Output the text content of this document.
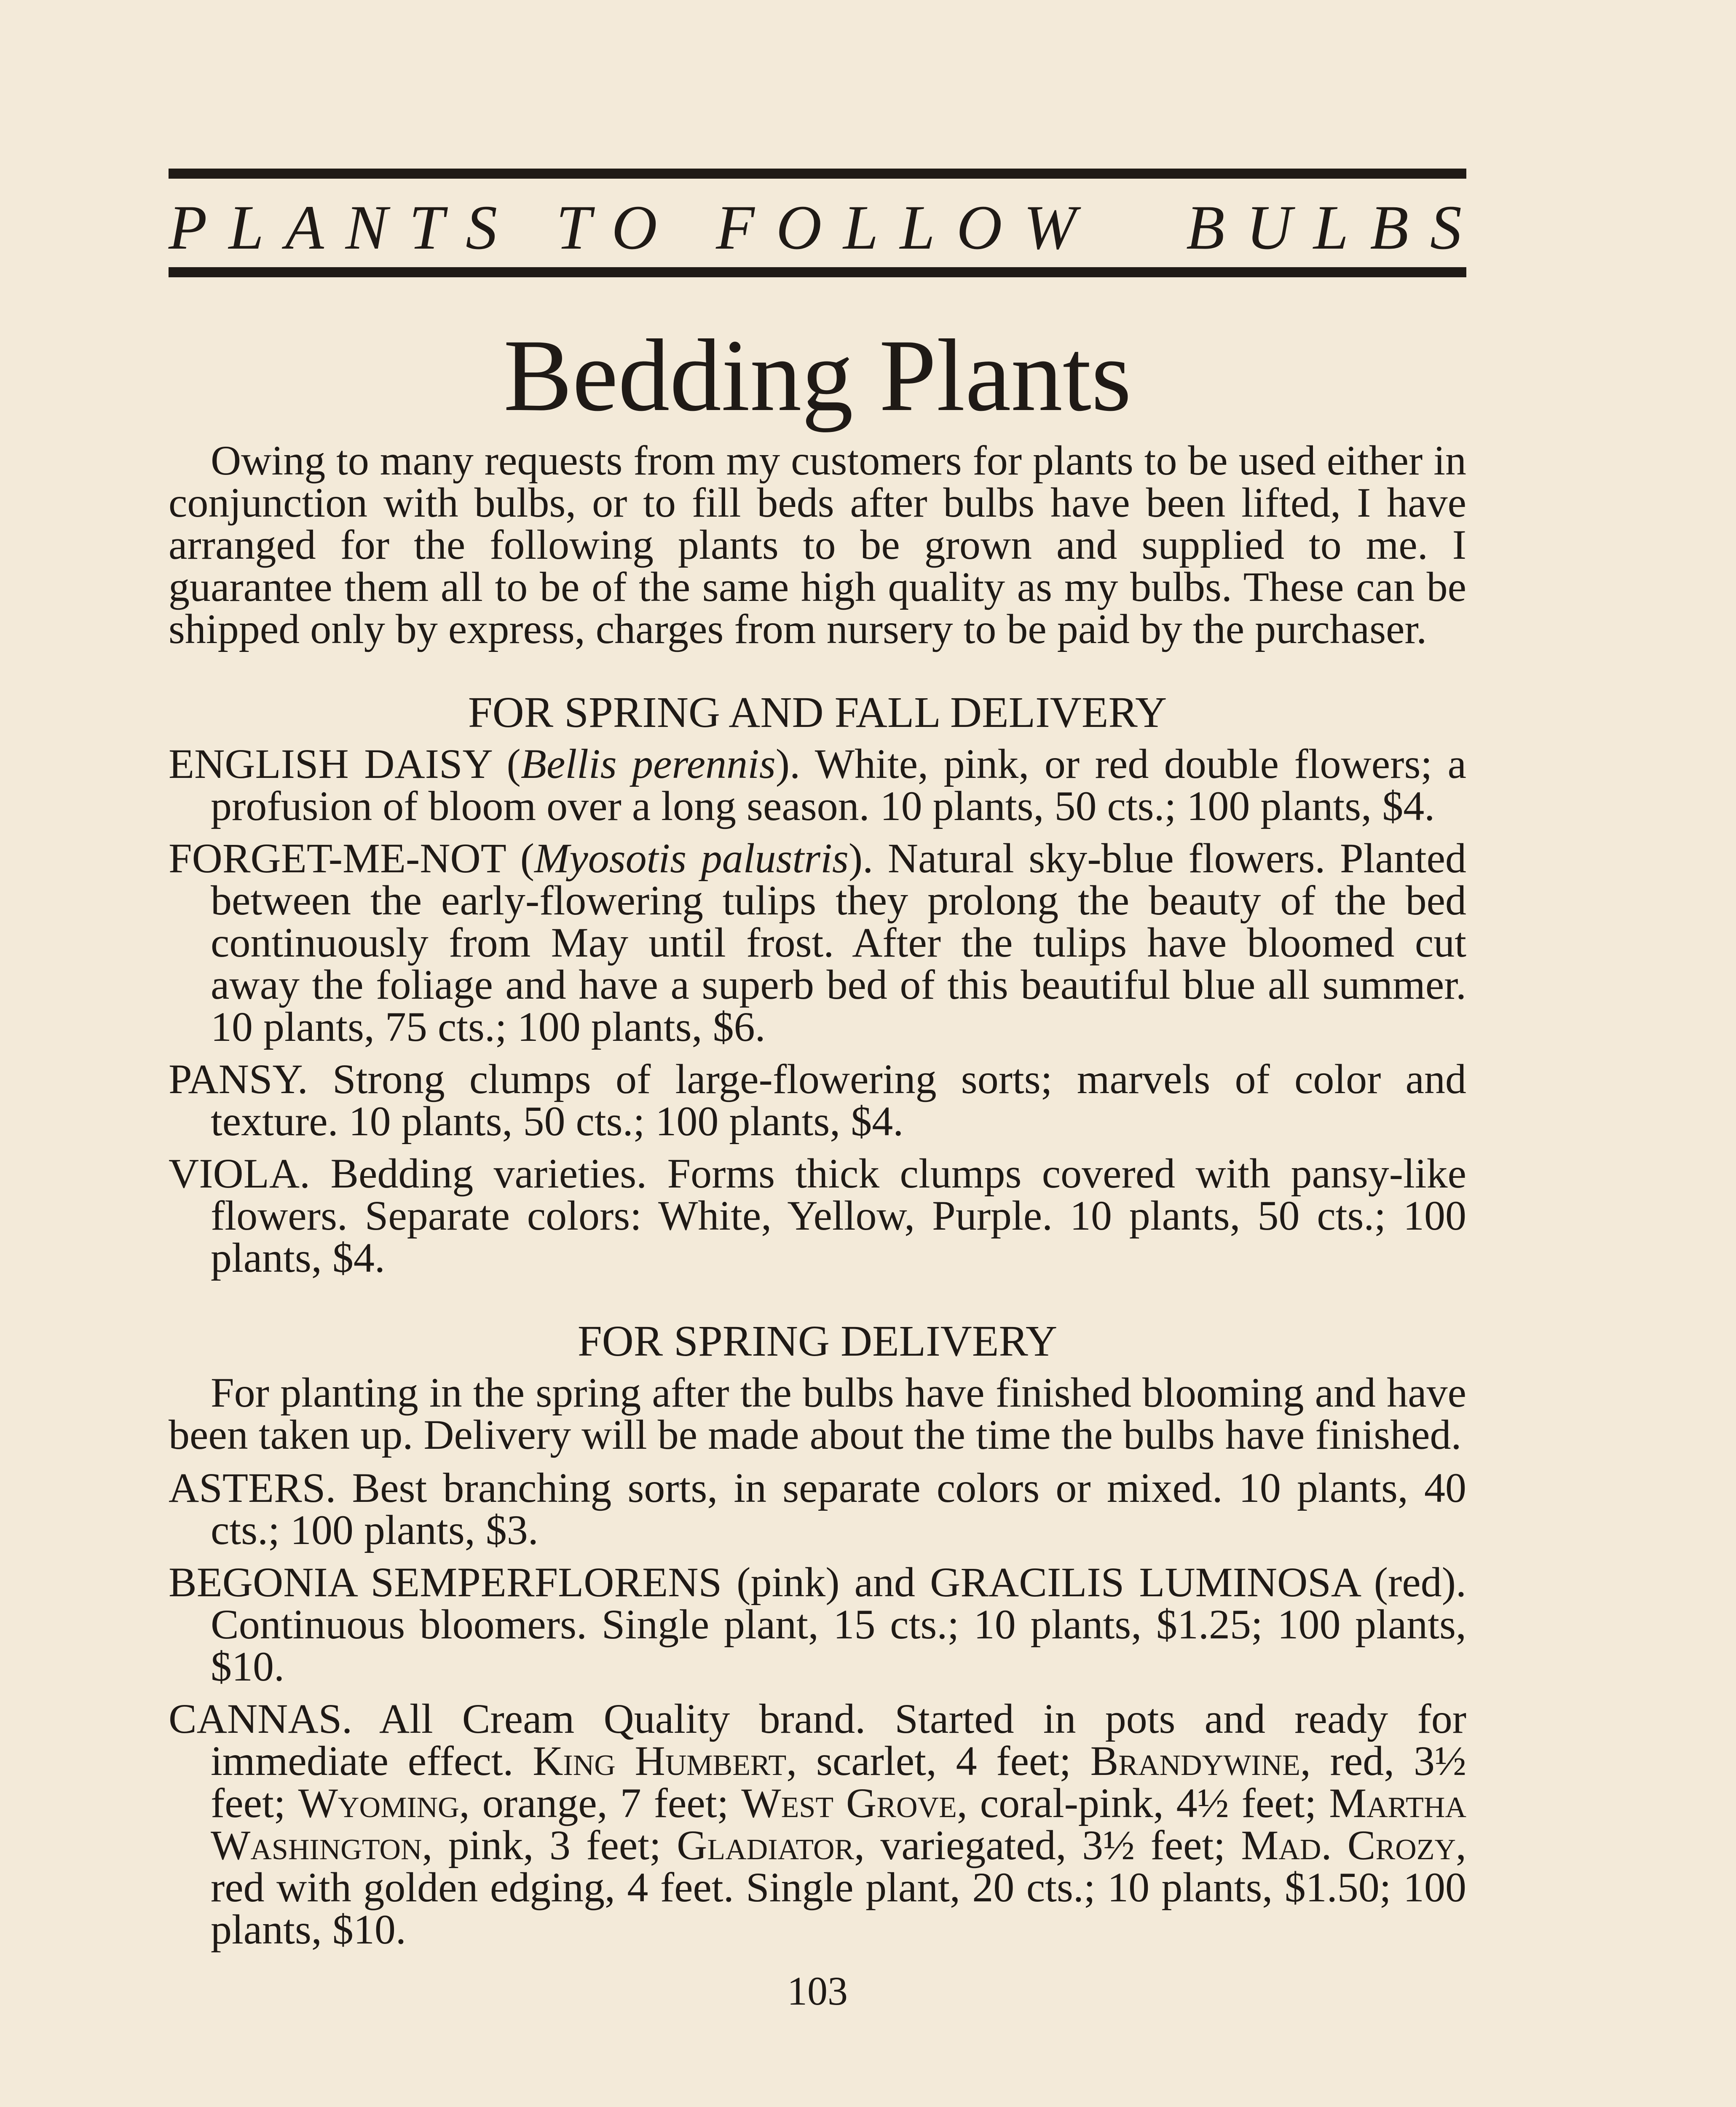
PLANTS TO FOLLOW BULBS
Bedding Plants

Owing to many requests from my customers for plants to be used either in conjunction with bulbs, or to fill beds after bulbs have been lifted, I have arranged for the following plants to be grown and supplied to me. I guarantee them all to be of the same high quality as my bulbs. These can be shipped only by express, charges from nursery to be paid by the purchaser.

FOR SPRING AND FALL DELIVERY
ENGLISH DAISY (Bellis perennis). White, pink, or red double flowers; a profusion of bloom over a long season. 10 plants, 50 cts.; 100 plants, $4.
FORGET-ME-NOT (Myosotis palustris). Natural sky-blue flowers. Planted between the early-flowering tulips they prolong the beauty of the bed continuously from May until frost. After the tulips have bloomed cut away the foliage and have a superb bed of this beautiful blue all summer. 10 plants, 75 cts.; 100 plants, $6.
PANSY. Strong clumps of large-flowering sorts; marvels of color and texture. 10 plants, 50 cts.; 100 plants, $4.
VIOLA. Bedding varieties. Forms thick clumps covered with pansy-like flowers. Separate colors: White, Yellow, Purple. 10 plants, 50 cts.; 100 plants, $4.
FOR SPRING DELIVERY

For planting in the spring after the bulbs have finished blooming and have been taken up. Delivery will be made about the time the bulbs have finished.

ASTERS. Best branching sorts, in separate colors or mixed. 10 plants, 40 cts.; 100 plants, $3.
BEGONIA SEMPERFLORENS (pink) and GRACILIS LUMINOSA (red). Continuous bloomers. Single plant, 15 cts.; 10 plants, $1.25; 100 plants, $10.
CANNAS. All Cream Quality brand. Started in pots and ready for immediate effect. King Humbert, scarlet, 4 feet; Brandywine, red, 3½ feet; Wyoming, orange, 7 feet; West Grove, coral-pink, 4½ feet; Martha Washington, pink, 3 feet; Gladiator, variegated, 3½ feet; Mad. Crozy, red with golden edging, 4 feet. Single plant, 20 cts.; 10 plants, $1.50; 100 plants, $10.
103
